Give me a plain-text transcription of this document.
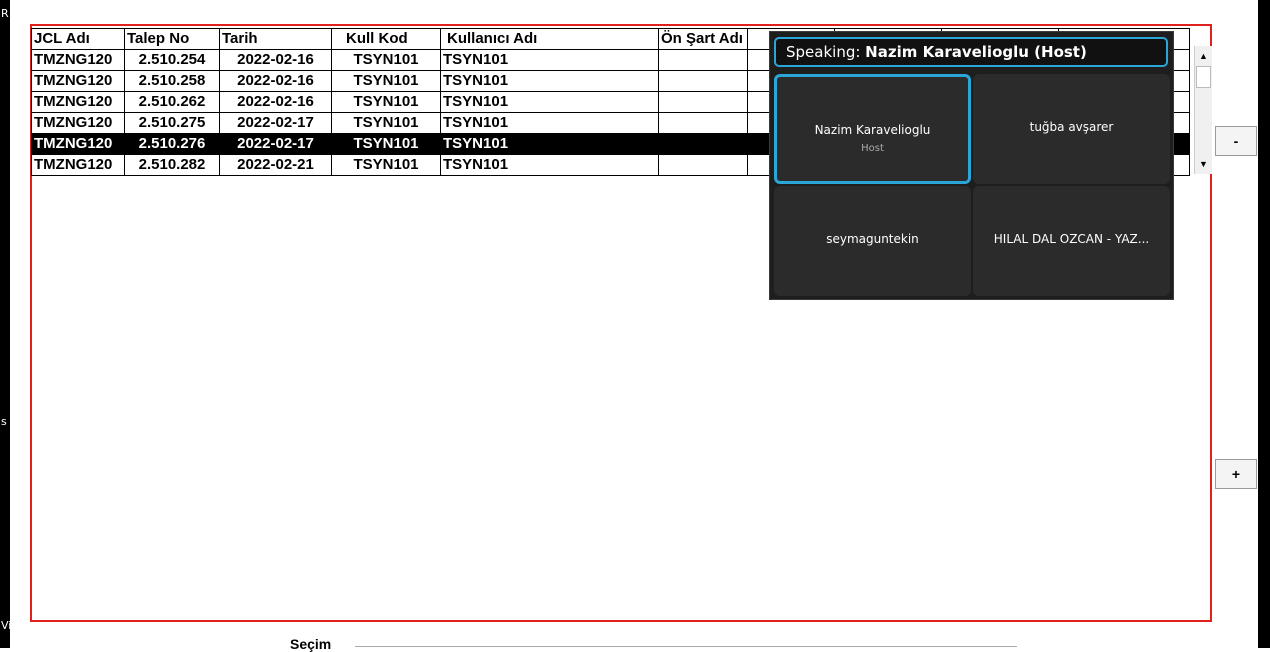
R
s
Vi
JCL Adı	Talep No	Tarih	Kull Kod	Kullanıcı Adı	Ön Şart Adı				
TMZNG120	2.510.254	2022-02-16	TSYN101	TSYN101					
TMZNG120	2.510.258	2022-02-16	TSYN101	TSYN101					
TMZNG120	2.510.262	2022-02-16	TSYN101	TSYN101					
TMZNG120	2.510.275	2022-02-17	TSYN101	TSYN101					
TMZNG120	2.510.276	2022-02-17	TSYN101	TSYN101					
TMZNG120	2.510.282	2022-02-21	TSYN101	TSYN101					
▲
▼
-
+
Speaking: Nazim Karavelioglu (Host)
Nazim Karavelioglu
Host
tuğba avşarer
seymaguntekin	HILAL DAL OZCAN - YAZ...
Seçim
